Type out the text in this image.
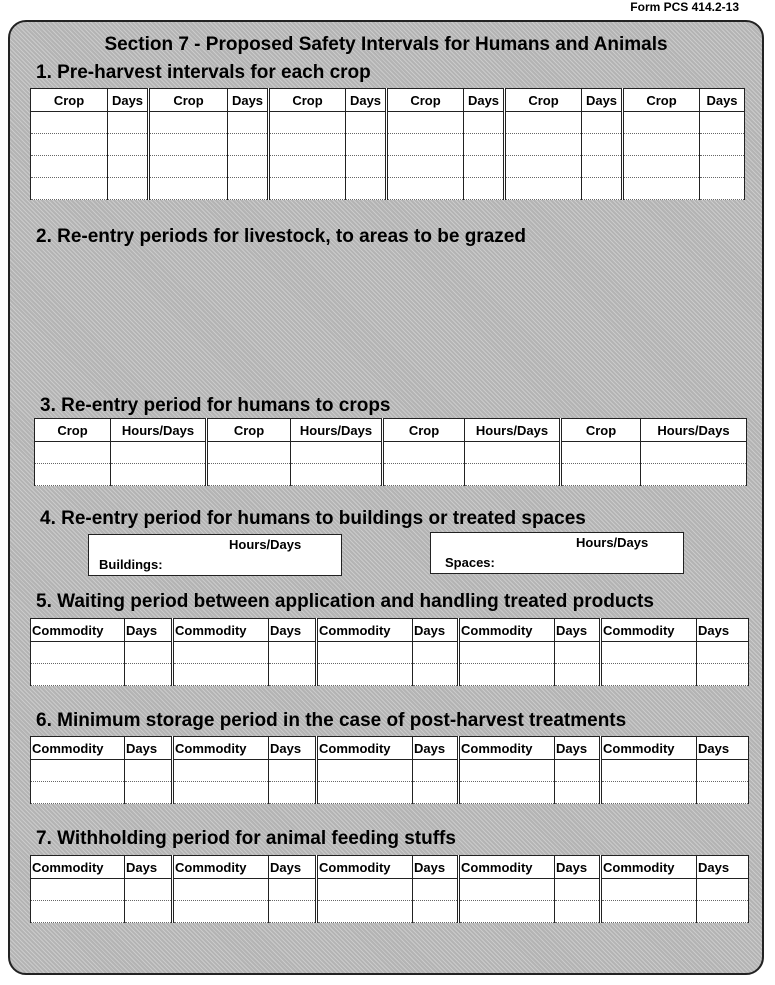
Form PCS 414.2-13
Section 7 - Proposed Safety Intervals for Humans and Animals
1. Pre-harvest intervals for each crop
Crop	Days	Crop	Days	Crop	Days	Crop	Days	Crop	Days	Crop	Days

2. Re-entry periods for livestock, to areas to be grazed
3. Re-entry period for humans to crops
Crop	Hours/Days	Crop	Hours/Days	Crop	Hours/Days	Crop	Hours/Days

4. Re-entry period for humans to buildings or treated spaces
Hours/Days
Buildings:
Hours/Days
Spaces:
5. Waiting period between application and handling treated products
Commodity	Days	Commodity	Days	Commodity	Days	Commodity	Days	Commodity	Days

6. Minimum storage period in the case of post-harvest treatments
Commodity	Days	Commodity	Days	Commodity	Days	Commodity	Days	Commodity	Days

7. Withholding period for animal feeding stuffs
Commodity	Days	Commodity	Days	Commodity	Days	Commodity	Days	Commodity	Days
